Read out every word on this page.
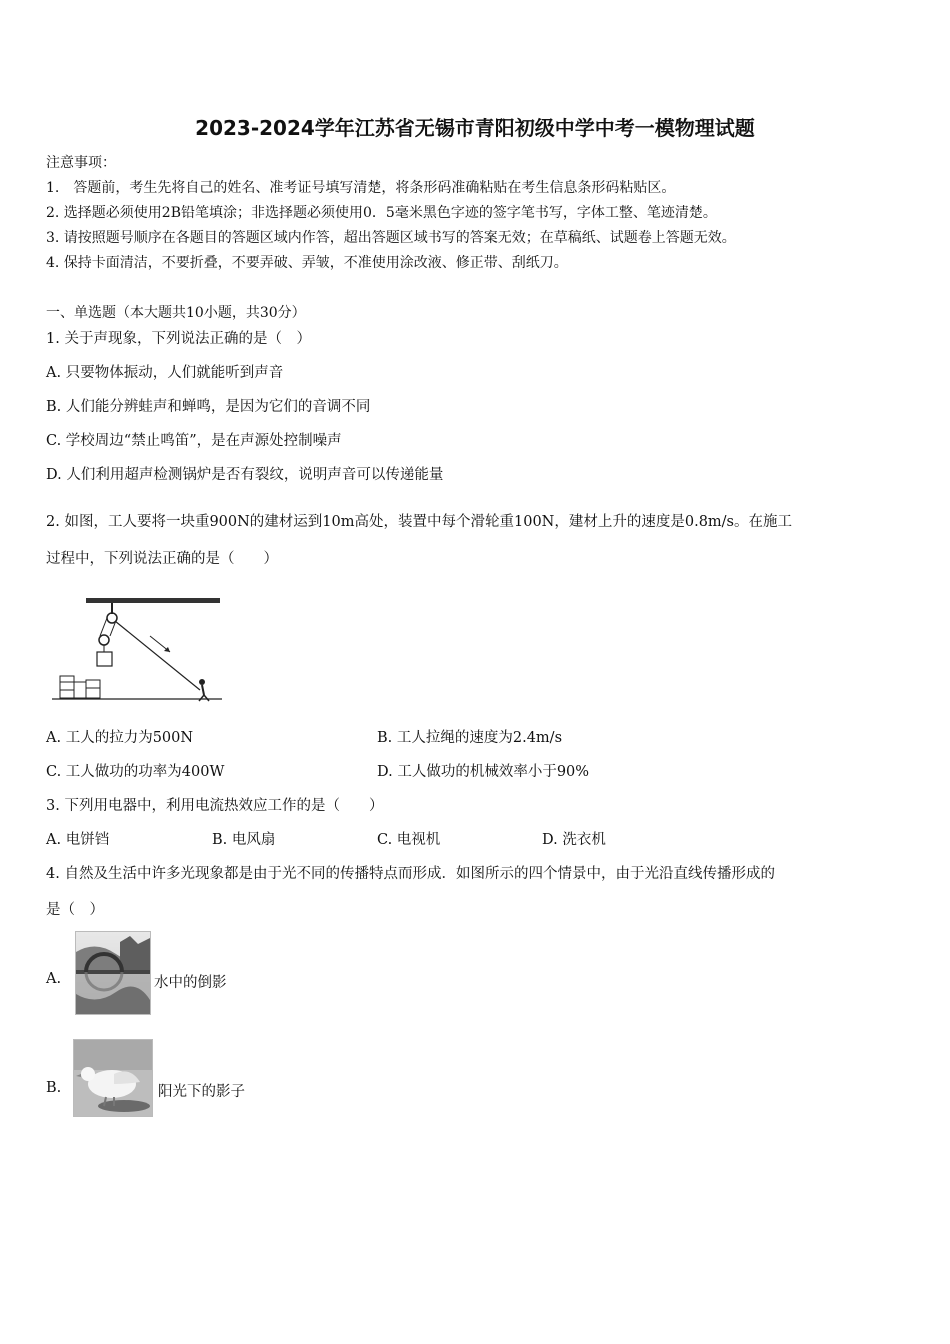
2023-2024学年江苏省无锡市青阳初级中学中考一模物理试题
注意事项：
1.　答题前，考生先将自己的姓名、准考证号填写清楚，将条形码准确粘贴在考生信息条形码粘贴区。
2. 选择题必须使用2B铅笔填涂；非选择题必须使用0．5毫米黑色字迹的签字笔书写，字体工整、笔迹清楚。
3. 请按照题号顺序在各题目的答题区域内作答，超出答题区域书写的答案无效；在草稿纸、试题卷上答题无效。
4. 保持卡面清洁，不要折叠，不要弄破、弄皱，不准使用涂改液、修正带、刮纸刀。
一、单选题（本大题共10小题，共30分）
1. 关于声现象，下列说法正确的是（　）
A. 只要物体振动，人们就能听到声音
B. 人们能分辨蛙声和蝉鸣，是因为它们的音调不同
C. 学校周边“禁止鸣笛”，是在声源处控制噪声
D. 人们利用超声检测锅炉是否有裂纹，说明声音可以传递能量
2. 如图，工人要将一块重900N的建材运到10m高处，装置中每个滑轮重100N，建材上升的速度是0.8m/s。在施工
过程中，下列说法正确的是（　　）
A. 工人的拉力为500N	B. 工人拉绳的速度为2.4m/s
C. 工人做功的功率为400W	D. 工人做功的机械效率小于90%
3. 下列用电器中，利用电流热效应工作的是（　　）
A. 电饼铛	B. 电风扇	C. 电视机	D. 洗衣机
4. 自然及生活中许多光现象都是由于光不同的传播特点而形成．如图所示的四个情景中，由于光沿直线传播形成的
是（　）
A.	水中的倒影
B.	阳光下的影子
